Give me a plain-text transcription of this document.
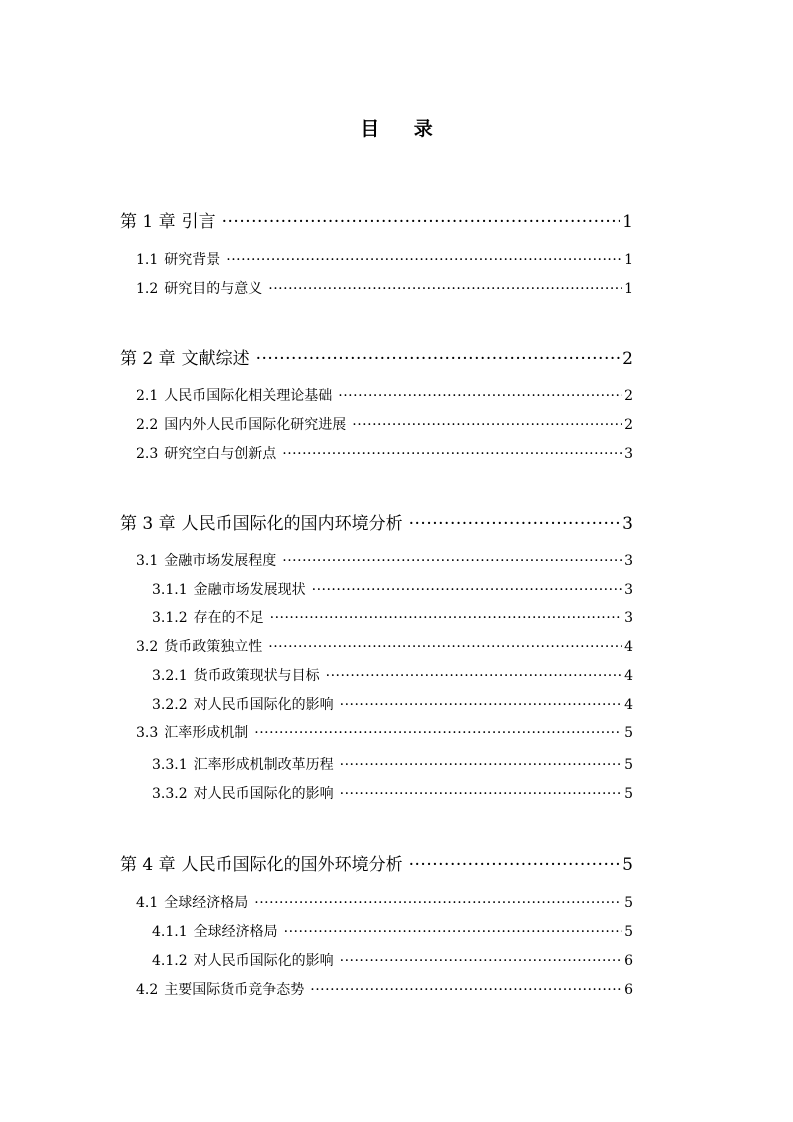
目 录
第 1 章 引言 ·····	1
1.1 研究背景 ·····	1
1.2 研究目的与意义 ·····	1
第 2 章 文献综述 ·····	2
2.1 人民币国际化相关理论基础 ·····	2
2.2 国内外人民币国际化研究进展 ·····	2
2.3 研究空白与创新点 ·····	3
第 3 章 人民币国际化的国内环境分析 ·····	3
3.1 金融市场发展程度 ·····	3
3.1.1 金融市场发展现状 ·····	3
3.1.2 存在的不足 ·····	3
3.2 货币政策独立性 ·····	4
3.2.1 货币政策现状与目标 ·····	4
3.2.2 对人民币国际化的影响 ·····	4
3.3 汇率形成机制 ·····	5
3.3.1 汇率形成机制改革历程 ·····	5
3.3.2 对人民币国际化的影响 ·····	5
第 4 章 人民币国际化的国外环境分析 ·····	5
4.1 全球经济格局 ·····	5
4.1.1 全球经济格局 ·····	5
4.1.2 对人民币国际化的影响 ·····	6
4.2 主要国际货币竞争态势 ·····	6
